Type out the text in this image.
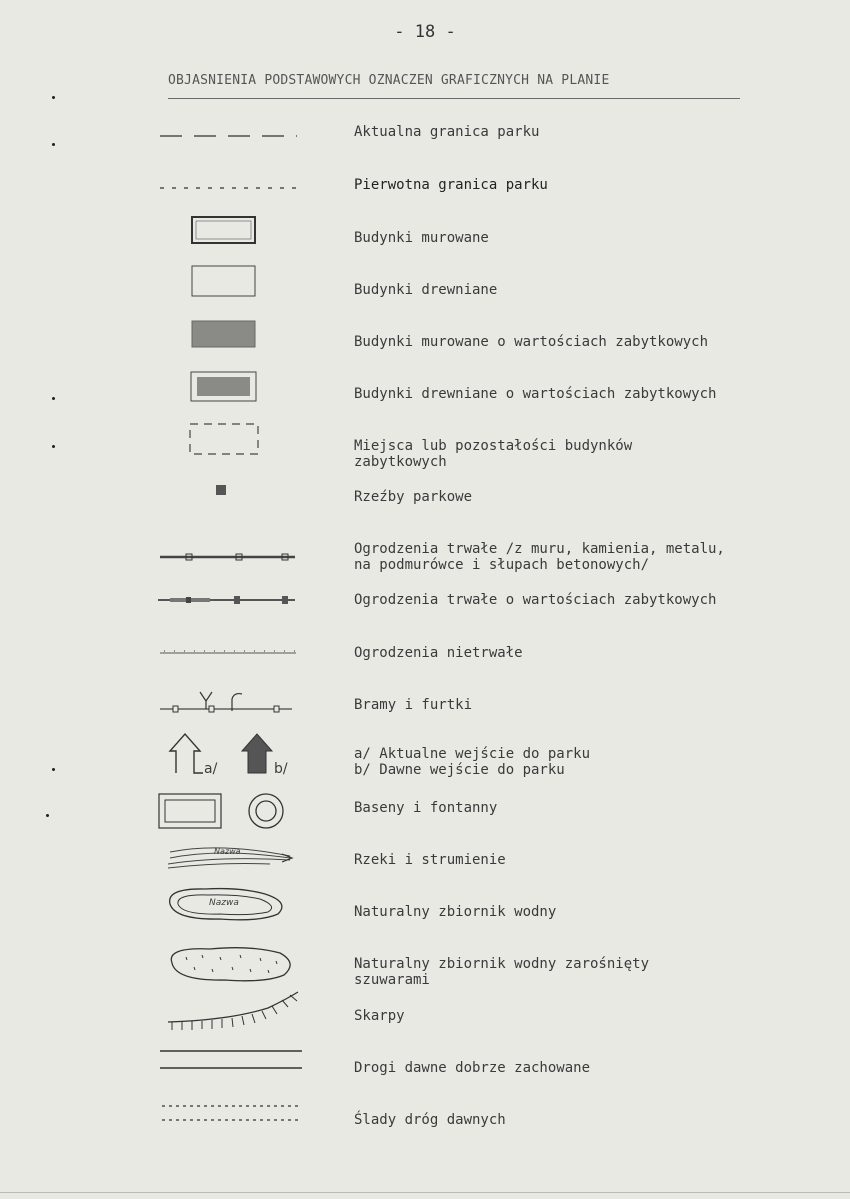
- 18 -
OBJAŚNIENIA PODSTAWOWYCH OZNACZEŃ GRAFICZNYCH NA PLANIE
Aktualna granica parku
Pierwotna granica parku
Budynki murowane
Budynki drewniane
Budynki murowane o wartościach zabytkowych
Budynki drewniane o wartościach zabytkowych
Miejsca lub pozostałości budynków
zabytkowych
Rzeźby parkowe
Ogrodzenia trwałe /z muru, kamienia, metalu,
na podmurówce i słupach betonowych/
Ogrodzenia trwałe o wartościach zabytkowych
Ogrodzenia nietrwałe
Bramy i furtki
a/	b/
a/ Aktualne wejście do parku
b/ Dawne wejście do parku
Baseny i fontanny
Nazwa
Rzeki i strumienie
Nazwa
Naturalny zbiornik wodny
Naturalny zbiornik wodny zarośnięty
szuwarami
Skarpy
Drogi dawne dobrze zachowane
Ślady dróg dawnych
